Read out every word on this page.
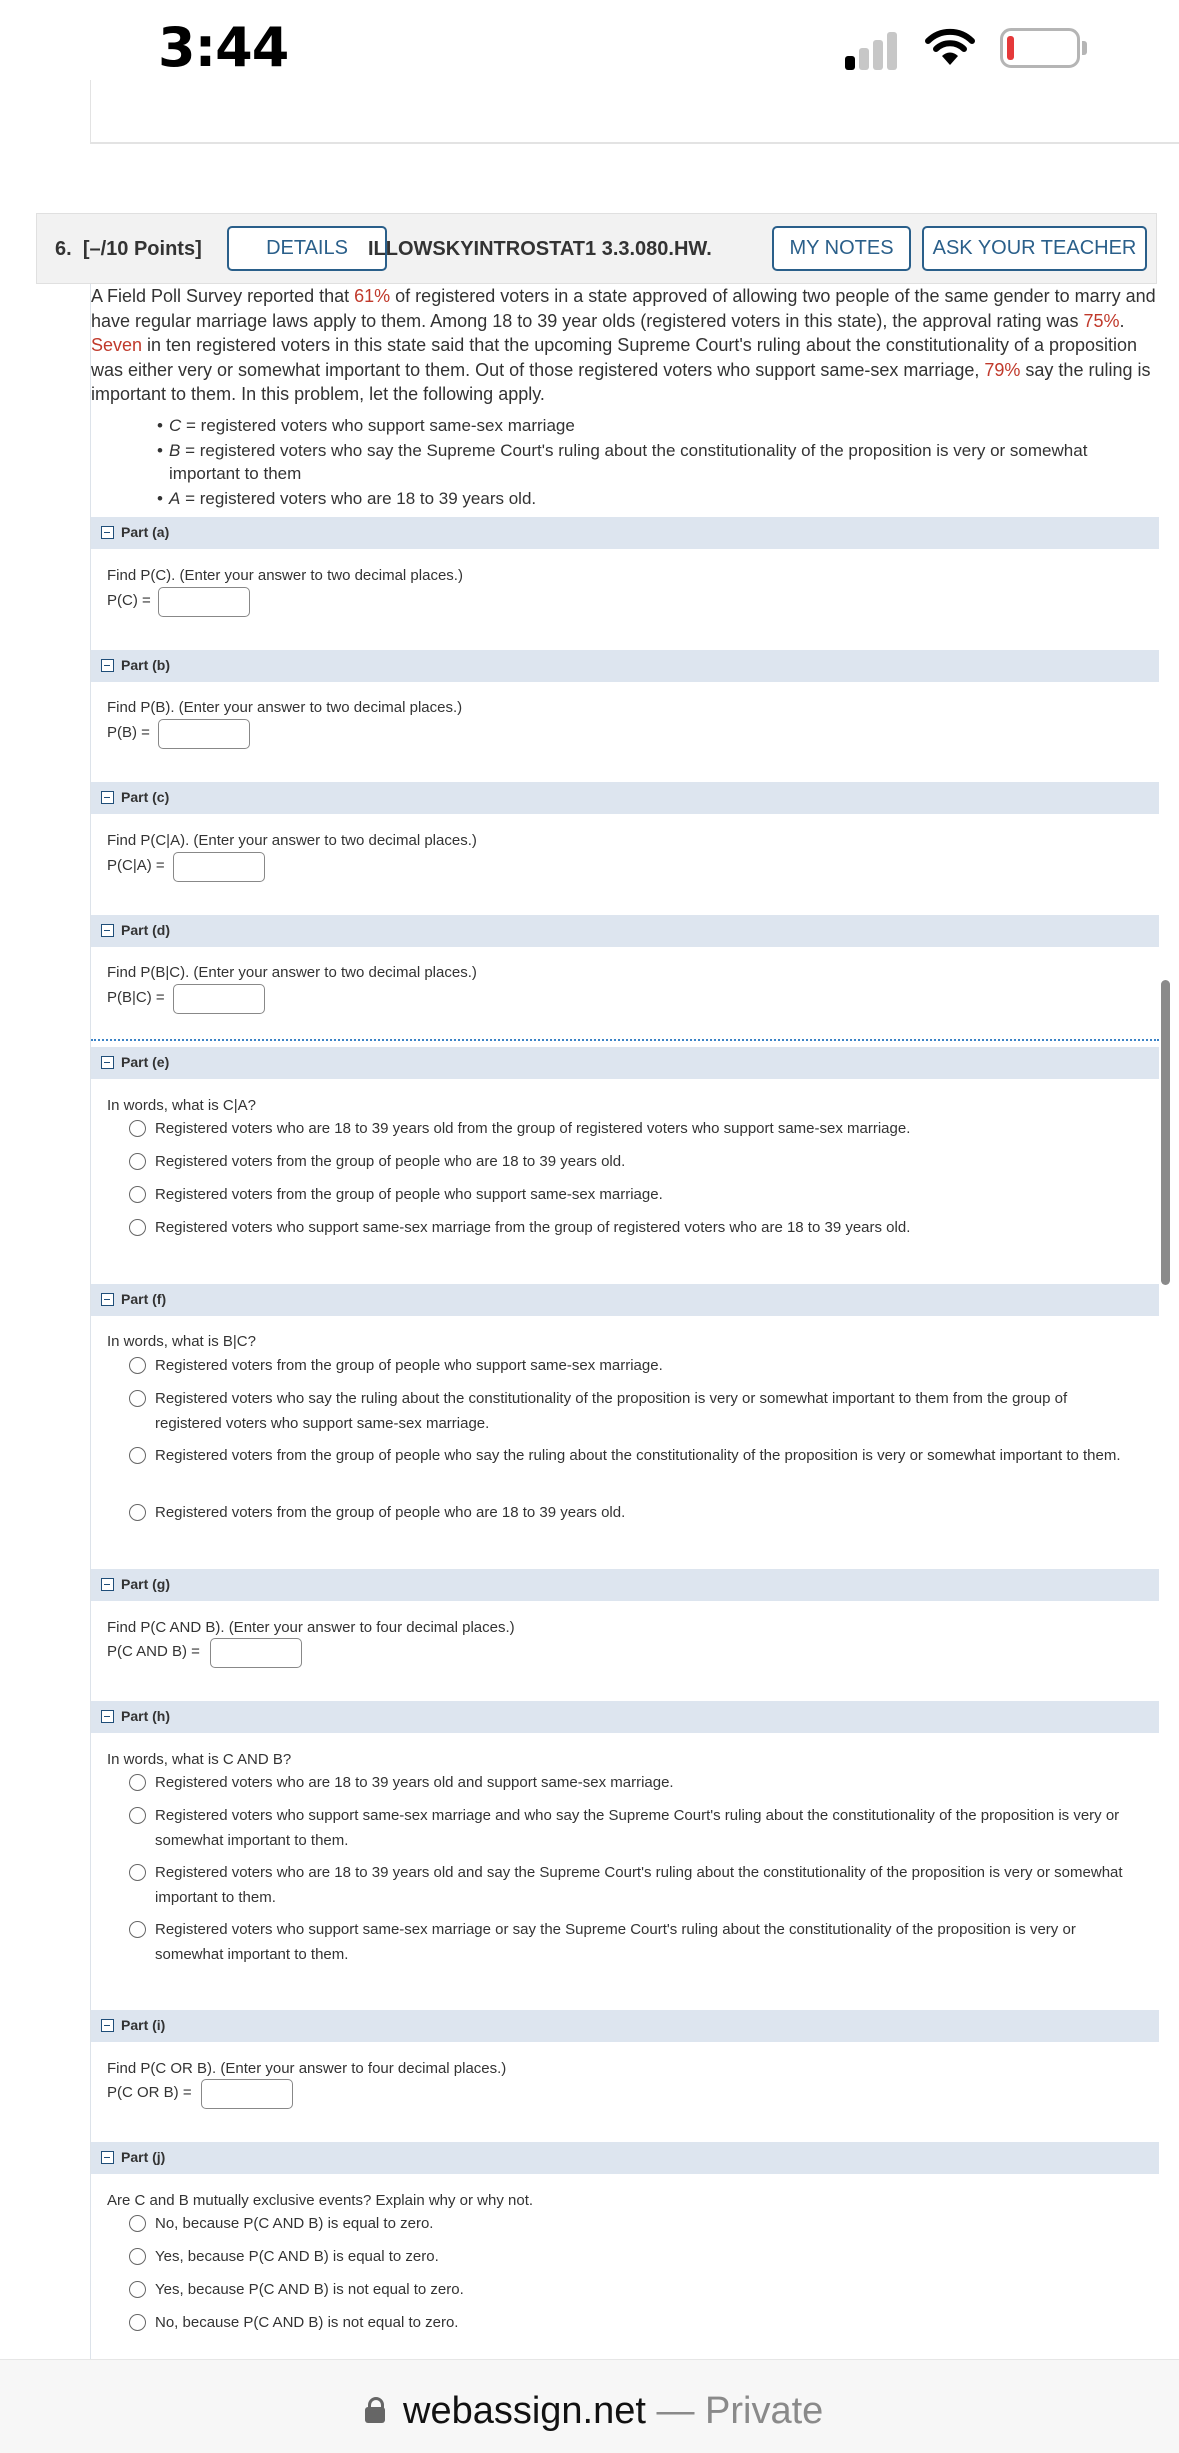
3:44
6. [–/10 Points]	DETAILS	ILLOWSKYINTROSTAT1 3.3.080.HW.	MY NOTES	ASK YOUR TEACHER
A Field Poll Survey reported that 61% of registered voters in a state approved of allowing two people of the same gender to marry and have regular marriage laws apply to them. Among 18 to 39 year olds (registered voters in this state), the approval rating was 75%. Seven in ten registered voters in this state said that the upcoming Supreme Court's ruling about the constitutionality of a proposition was either very or somewhat important to them. Out of those registered voters who support same-sex marriage, 79% say the ruling is important to them. In this problem, let the following apply.
• C = registered voters who support same-sex marriage
• B = registered voters who say the Supreme Court's ruling about the constitutionality of the proposition is very or somewhat important to them
• A = registered voters who are 18 to 39 years old.
Part (a)
Find P(C). (Enter your answer to two decimal places.)
P(C) =
Part (b)
Find P(B). (Enter your answer to two decimal places.)
P(B) =
Part (c)
Find P(C|A). (Enter your answer to two decimal places.)
P(C|A) =
Part (d)
Find P(B|C). (Enter your answer to two decimal places.)
P(B|C) =
Part (e)
In words, what is C|A?
Registered voters who are 18 to 39 years old from the group of registered voters who support same-sex marriage.
Registered voters from the group of people who are 18 to 39 years old.
Registered voters from the group of people who support same-sex marriage.
Registered voters who support same-sex marriage from the group of registered voters who are 18 to 39 years old.
Part (f)
In words, what is B|C?
Registered voters from the group of people who support same-sex marriage.
Registered voters who say the ruling about the constitutionality of the proposition is very or somewhat important to them from the group of registered voters who support same-sex marriage.
Registered voters from the group of people who say the ruling about the constitutionality of the proposition is very or somewhat important to them.
Registered voters from the group of people who are 18 to 39 years old.
Part (g)
Find P(C AND B). (Enter your answer to four decimal places.)
P(C AND B) =
Part (h)
In words, what is C AND B?
Registered voters who are 18 to 39 years old and support same-sex marriage.
Registered voters who support same-sex marriage and who say the Supreme Court's ruling about the constitutionality of the proposition is very or somewhat important to them.
Registered voters who are 18 to 39 years old and say the Supreme Court's ruling about the constitutionality of the proposition is very or somewhat important to them.
Registered voters who support same-sex marriage or say the Supreme Court's ruling about the constitutionality of the proposition is very or somewhat important to them.
Part (i)
Find P(C OR B). (Enter your answer to four decimal places.)
P(C OR B) =
Part (j)
Are C and B mutually exclusive events? Explain why or why not.
No, because P(C AND B) is equal to zero.
Yes, because P(C AND B) is equal to zero.
Yes, because P(C AND B) is not equal to zero.
No, because P(C AND B) is not equal to zero.
webassign.net — Private
